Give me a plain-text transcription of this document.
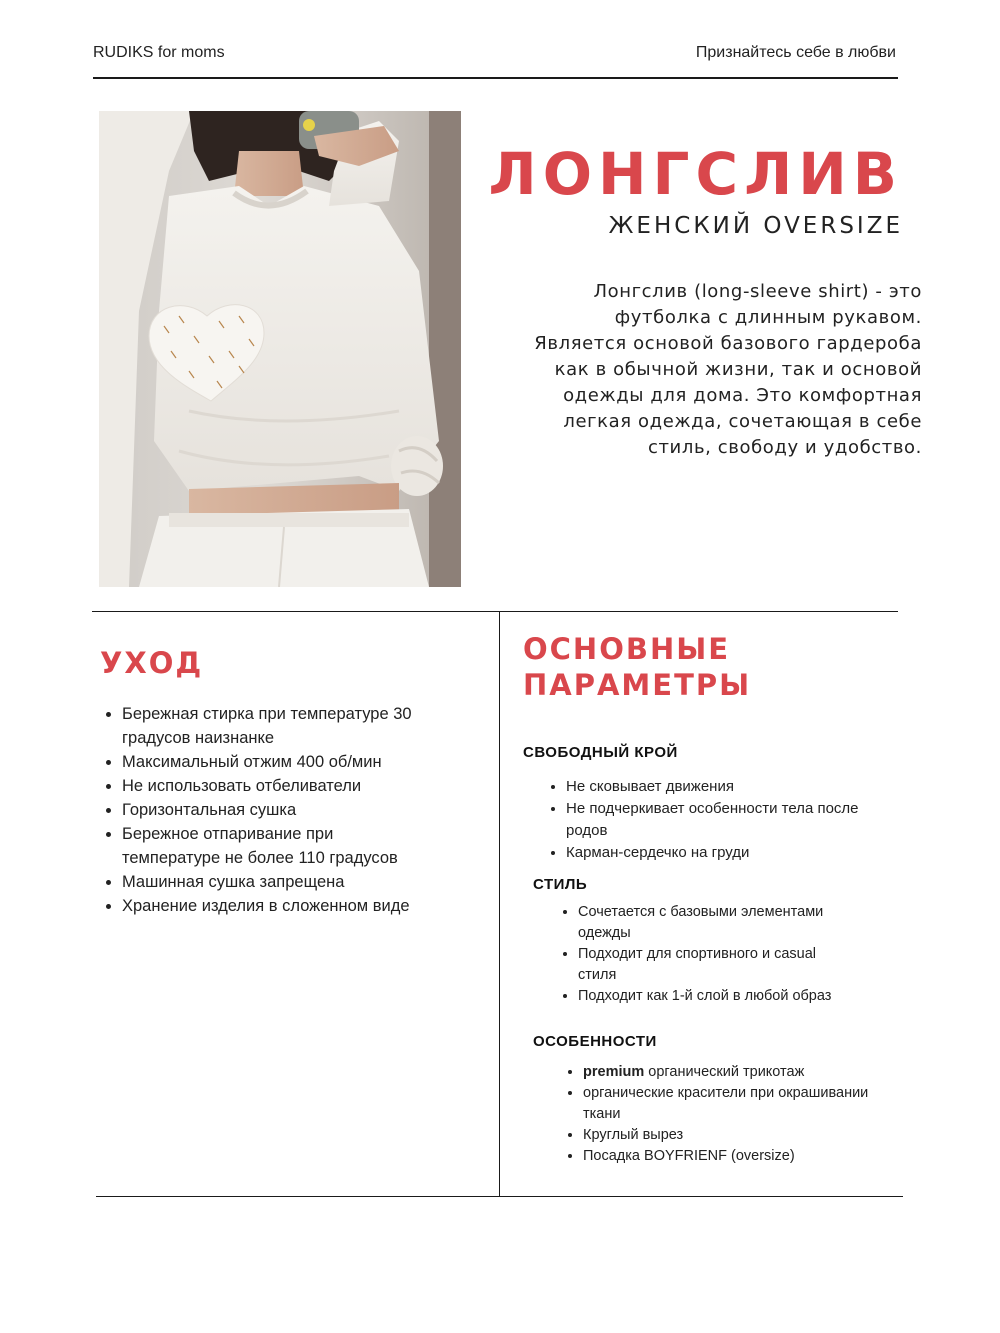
RUDIKS for moms	Признайтесь себе в любви
ЛОНГСЛИВ
ЖЕНСКИЙ OVERSIZE
Лонгслив (long-sleeve shirt) - это футболка с длинным рукавом. Является основой базового гардероба как в обычной жизни, так и основой одежды для дома. Это комфортная легкая одежда, сочетающая в себе стиль, свободу и удобство.
УХОД
• Бережная стирка при температуре 30 градусов наизнанке
• Максимальный отжим 400 об/мин
• Не использовать отбеливатели
• Горизонтальная сушка
• Бережное отпаривание при температуре не более 110 градусов
• Машинная сушка запрещена
• Хранение изделия в сложенном виде
ОСНОВНЫЕ
ПАРАМЕТРЫ
СВОБОДНЫЙ КРОЙ
• Не сковывает движения
• Не подчеркивает особенности тела после родов
• Карман-сердечко на груди
СТИЛЬ
• Сочетается с базовыми элементами одежды
• Подходит для спортивного и casual стиля
• Подходит как 1-й слой в любой образ
ОСОБЕННОСТИ
• premium органический трикотаж
• органические красители при окрашивании ткани
• Круглый вырез
• Посадка BOYFRIENF (oversize)
